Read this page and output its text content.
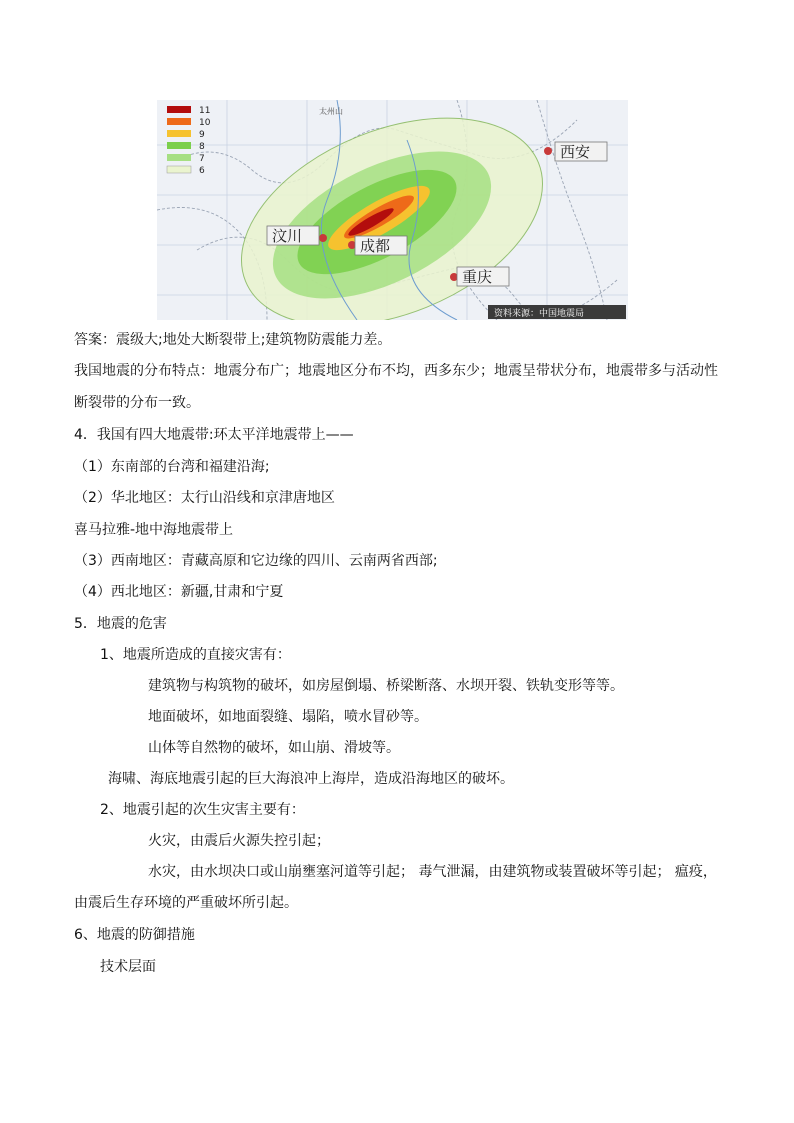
11
10
9
8
7
6
太州山
西安
汶川
成都
重庆
资料来源：中国地震局
答案：震级大;地处大断裂带上;建筑物防震能力差。
我国地震的分布特点：地震分布广；地震地区分布不均，西多东少；地震呈带状分布，地震带多与活动性
断裂带的分布一致。
4．我国有四大地震带:环太平洋地震带上——
（1）东南部的台湾和福建沿海;
（2）华北地区：太行山沿线和京津唐地区
喜马拉雅-地中海地震带上
（3）西南地区：青藏高原和它边缘的四川、云南两省西部;
（4）西北地区：新疆,甘肃和宁夏
5．地震的危害
1、地震所造成的直接灾害有：
建筑物与构筑物的破坏，如房屋倒塌、桥梁断落、水坝开裂、铁轨变形等等。
地面破坏，如地面裂缝、塌陷，喷水冒砂等。
山体等自然物的破坏，如山崩、滑坡等。
海啸、海底地震引起的巨大海浪冲上海岸，造成沿海地区的破坏。
2、地震引起的次生灾害主要有：
火灾，由震后火源失控引起；
水灾，由水坝决口或山崩壅塞河道等引起； 毒气泄漏，由建筑物或装置破坏等引起； 瘟疫，
由震后生存环境的严重破坏所引起。
6、地震的防御措施
技术层面
